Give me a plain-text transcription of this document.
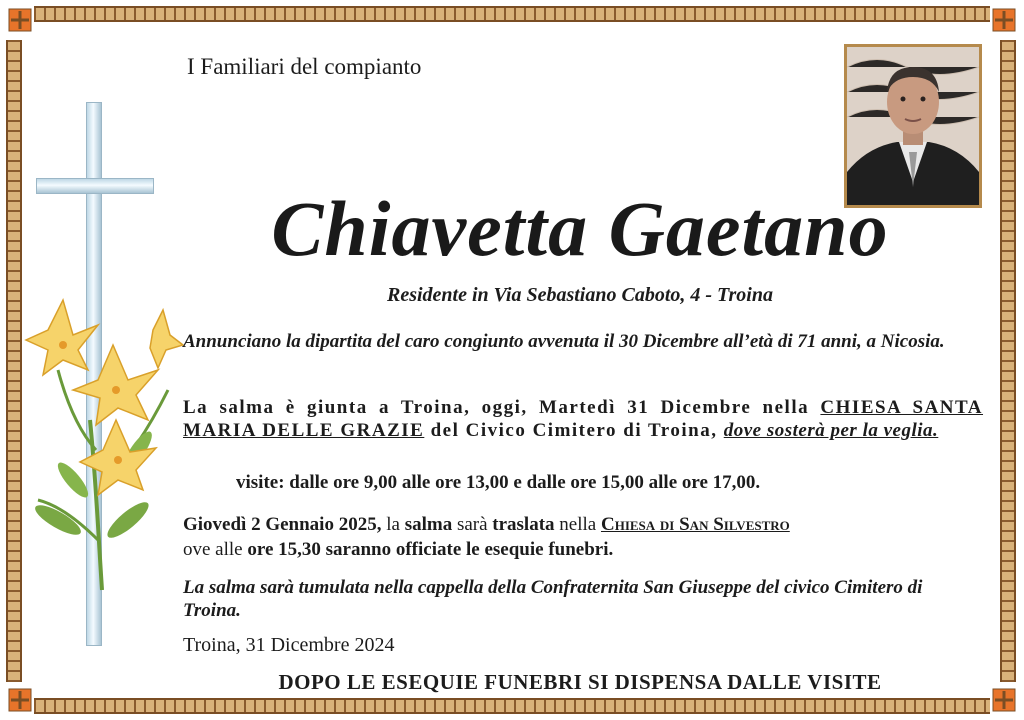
I Familiari del compianto

Chiavetta Gaetano

Residente in Via Sebastiano Caboto, 4 - Troina

Annunciano la dipartita del caro congiunto avvenuta il 30 Dicembre all’età di 71 anni, a Nicosia.

La salma è giunta a Troina, oggi, Martedì 31 Dicembre nella CHIESA SANTA MARIA DELLE GRAZIE del Civico Cimitero di Troina, dove sosterà per la veglia.

visite: dalle ore 9,00 alle ore 13,00 e dalle ore 15,00 alle ore 17,00.

Giovedì 2 Gennaio 2025, la salma sarà traslata nella Chiesa di San Silvestro
ove alle ore 15,30 saranno officiate le esequie funebri.

La salma sarà tumulata nella cappella della Confraternita San Giuseppe del civico Cimitero di Troina.

Troina, 31 Dicembre 2024

DOPO LE ESEQUIE FUNEBRI SI DISPENSA DALLE VISITE
